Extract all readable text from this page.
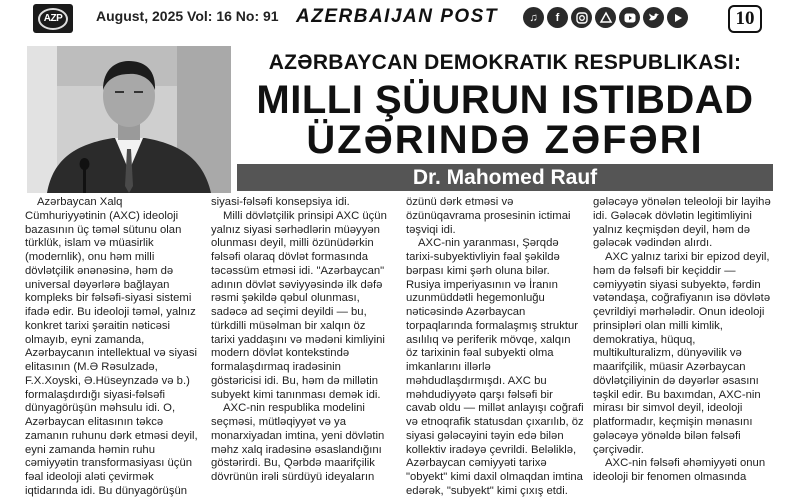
AZP	August, 2025 Vol: 16 No: 91 AZERBAIJAN POST	♫	f	10
AZƏRBAYCAN DEMOKRATIK RESPUBLIKASI:
MILLI ŞÜURUN ISTIBDAD
ÜZƏRINDƏ ZƏFƏRI
Dr. Mahomed Rauf

Azərbaycan Xalq Cümhuriyyətinin (AXC) ideoloji bazasının üç təməl sütunu olan türklük, islam və müasirlik (modernlik), onu həm milli dövlətçilik ənənəsinə, həm də universal dəyərlərə bağlayan kompleks bir fəlsəfi-siyasi sistemi ifadə edir. Bu ideoloji təməl, yalnız konkret tarixi şəraitin nəticəsi olmayıb, eyni zamanda, Azərbaycanın intellektual və siyasi elitasının (M.Ə Rəsulzadə, F.X.Xoyski, Ə.Hüseynzadə və b.) formalaşdırdığı siyasi-fəlsəfi dünyagörüşün məhsulu idi. O, Azərbaycan elitasının təkcə zamanın ruhunu dərk etməsi deyil, eyni zamanda həmin ruhu cəmiyyətin transformasiyası üçün fəal ideoloji aləti çevirmək iqtidarında idi. Bu dünyagörüşün

siyasi-fəlsəfi konsepsiya idi.

Milli dövlətçilik prinsipi AXC üçün yalnız siyasi sərhədlərin müəyyən olunması deyil, milli özünüdərkin fəlsəfi olaraq dövlət formasında təcəssüm etməsi idi. "Azərbaycan" adının dövlət səviyyəsində ilk dəfə rəsmi şəkildə qəbul olunması, sadəcə ad seçimi deyildi — bu, türkdilli müsəlman bir xalqın öz tarixi yaddaşını və mədəni kimliyini modern dövlət kontekstində formalaşdırmaq iradəsinin göstəricisi idi. Bu, həm də millətin subyekt kimi tanınması demək idi.

AXC-nin respublika modelini seçməsi, mütləqiyyət və ya monarxiyadan imtina, yeni dövlətin məhz xalq iradəsinə əsaslandığını göstərirdi. Bu, Qərbdə maarifçilik dövrünün irəli sürdüyü ideyaların

özünü dərk etməsi və özünüqavrama prosesinin ictimai təşviqi idi.

AXC-nin yaranması, Şərqdə tarixi-subyektivliyin fəal şəkildə bərpası kimi şərh oluna bilər. Rusiya imperiyasının və İranın uzunmüddətli hegemonluğu nəticəsində Azərbaycan torpaqlarında formalaşmış struktur asılılıq və periferik mövqe, xalqın öz tarixinin fəal subyekti olma imkanlarını illərlə məhdudlaşdırmışdı. AXC bu məhdudiyyətə qarşı fəlsəfi bir cavab oldu — millət anlayışı coğrafi və etnoqrafik statusdan çıxarılıb, öz siyasi gələcəyini təyin edə bilən kollektiv iradəyə çevrildi. Beləliklə, Azərbaycan cəmiyyəti tarixə "obyekt" kimi daxil olmaqdan imtina edərək, "subyekt" kimi çıxış etdi.

gələcəyə yönələn teleoloji bir layihə idi. Gələcək dövlətin legitimliyini yalnız keçmişdən deyil, həm də gələcək vədindən alırdı.

AXC yalnız tarixi bir epizod deyil, həm də fəlsəfi bir keçiddir — cəmiyyətin siyasi subyektə, fərdin vətəndaşa, coğrafiyanın isə dövlətə çevrildiyi mərhələdir. Onun ideoloji prinsipləri olan milli kimlik, demokratiya, hüquq, multikulturalizm, dünyəvilik və maarifçilik, müasir Azərbaycan dövlətçiliyinin də dəyərlər əsasını təşkil edir. Bu baxımdan, AXC-nin mirası bir simvol deyil, ideoloji platformadır, keçmişin mənasını gələcəyə yönəldə bilən fəlsəfi çərçivədir.

AXC-nin fəlsəfi əhəmiyyəti onun ideoloji bir fenomen olmasında
